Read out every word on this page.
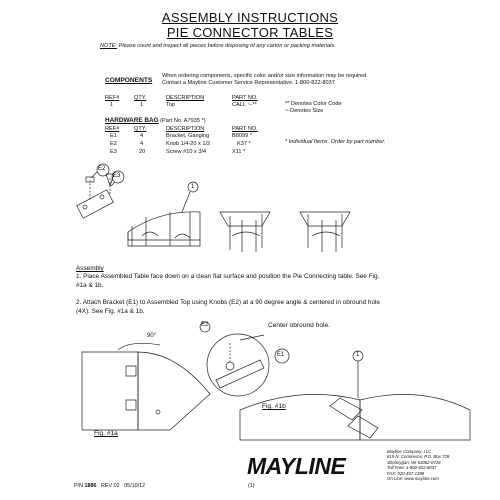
ASSEMBLY INSTRUCTIONS
PIE CONNECTOR TABLES
NOTE: Please count and inspect all pieces before disposing of any carton or packing materials.
COMPONENTS
When ordering components, specific color and/or size information may be required.
Contact a Mayline Customer Service Representative. 1-800-822-8037
REF#	QTY.	DESCRIPTION	PART NO.
1	1	Top	CALL ~-**	** Denotes Color Code
~-Denotes Size
HARDWARE BAG (Part No. A7935 *)
REF#	QTY.	DESCRIPTION	PART NO.
E1	4	Bracket, Ganging	B8099 *
E2	4	Knob 1/4-20 x 1/2	K37 *
E3	20	Screw #10 x 3/4	X11 *
* Individual Items. Order by part number.
E2
E3
1
Assembly
1. Place Assembled Table face down on a clean flat surface and position the Pie Connecting table. See Fig.
#1a & 1b.
2. Attach Bracket (E1) to Assembled Top using Knobs (E2) at a 90 degree angle & centered in obround hole
(4X). See Fig. #1a & 1b.
90°
Center obround hole.
E2
E1	1
Fig. #1a
Fig. #1b
P/N 1886 REV 02 05/10/12	(1)
MAYLINE
Mayline Company, LLC
619 N. Commerce, P.O. Box 728
Sheboygan, WI 53082-0728
Toll Free: 1-800-822-8037
FAX: 920-457-1398
On Line: www.mayline.com
